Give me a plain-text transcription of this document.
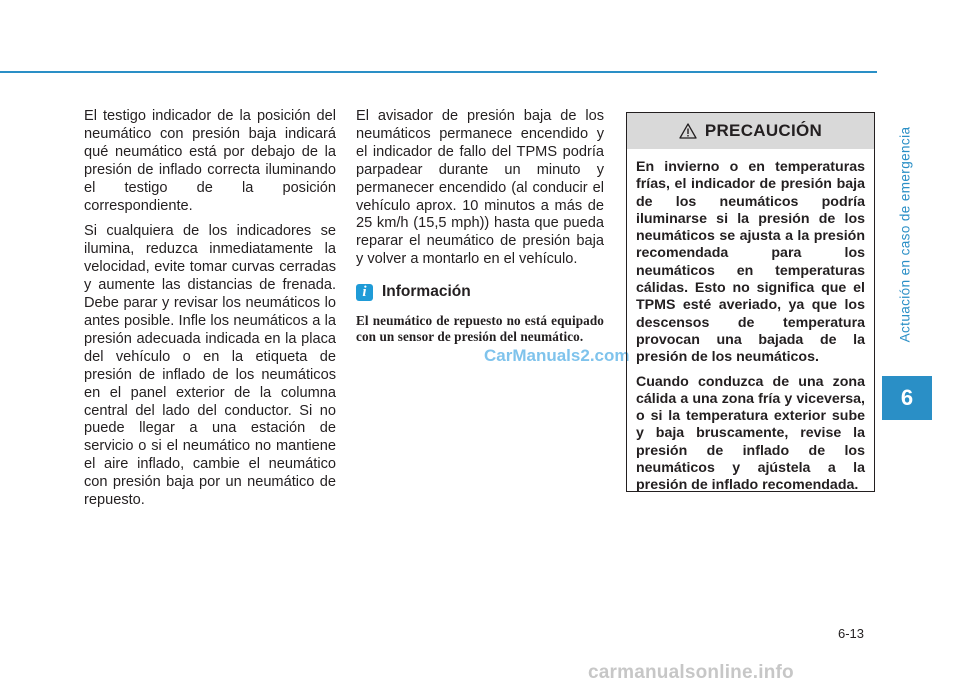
El testigo indicador de la posición del neumático con presión baja indicará qué neumático está por debajo de la presión de inflado correcta iluminando el testigo de la posición correspondiente.

Si cualquiera de los indicadores se ilumina, reduzca inmediatamente la velocidad, evite tomar curvas cerradas y aumente las distancias de frenada. Debe parar y revisar los neumáticos lo antes posible. Infle los neumáticos a la presión adecuada indicada en la placa del vehículo o en la etiqueta de presión de inflado de los neumáticos en el panel exterior de la columna central del lado del conductor. Si no puede llegar a una estación de servicio o si el neumático no mantiene el aire inflado, cambie el neumático con presión baja por un neumático de repuesto.

El avisador de presión baja de los neumáticos permanece encendido y el indicador de fallo del TPMS podría parpadear durante un minuto y permanecer encendido (al conducir el vehículo aprox. 10 minutos a más de 25 km/h (15,5 mph)) hasta que pueda reparar el neumático de presión baja y volver a montarlo en el vehículo.

i Información
El neumático de repuesto no está equipado con un sensor de presión del neumático.
CarManuals2.com
PRECAUCIÓN

En invierno o en temperaturas frías, el indicador de presión baja de los neumáticos podría iluminarse si la presión de los neumáticos se ajusta a la presión recomendada para los neumáticos en temperaturas cálidas. Esto no significa que el TPMS esté averiado, ya que los descensos de temperatura provocan una bajada de la presión de los neumáticos.

Cuando conduzca de una zona cálida a una zona fría y viceversa, o si la temperatura exterior sube y baja bruscamente, revise la presión de inflado de los neumáticos y ajústela a la presión de inflado recomendada.

Actuación en caso de emergencia
6
6-13
carmanualsonline.info
